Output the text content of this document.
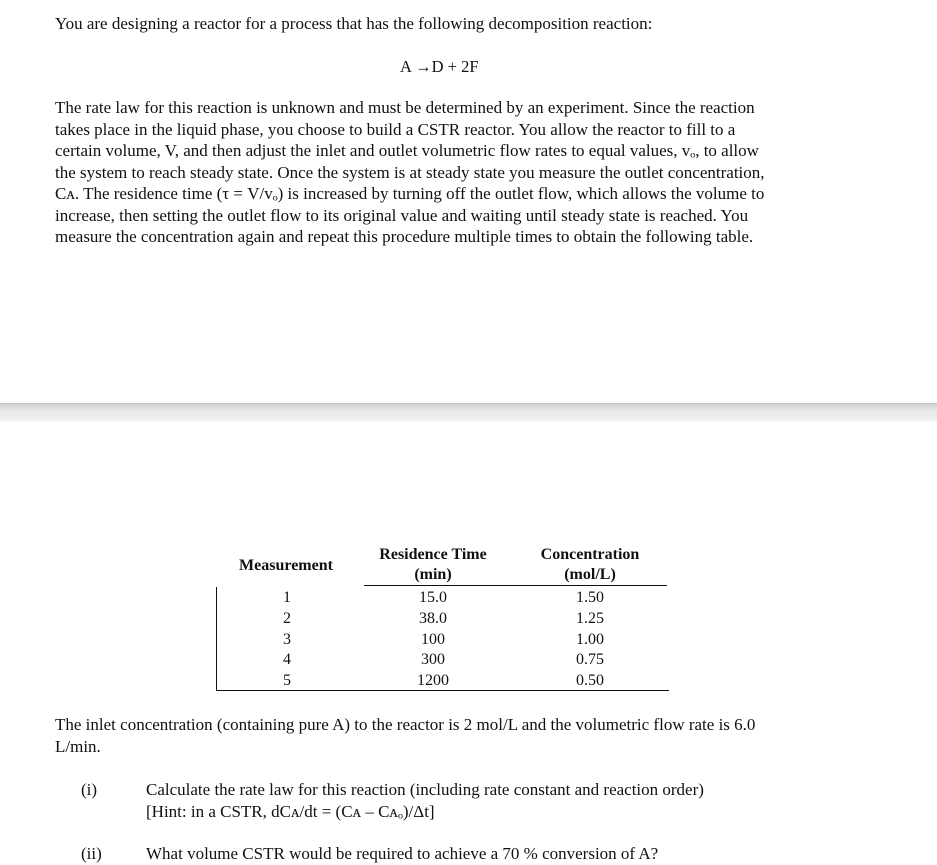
You are designing a reactor for a process that has the following decomposition reaction:
A →D + 2F
The rate law for this reaction is unknown and must be determined by an experiment. Since the reaction
takes place in the liquid phase, you choose to build a CSTR reactor. You allow the reactor to fill to a
certain volume, V, and then adjust the inlet and outlet volumetric flow rates to equal values, vₒ, to allow
the system to reach steady state. Once the system is at steady state you measure the outlet concentration,
Cᴀ. The residence time (τ = V/vₒ) is increased by turning off the outlet flow, which allows the volume to
increase, then setting the outlet flow to its original value and waiting until steady state is reached. You
measure the concentration again and repeat this procedure multiple times to obtain the following table.
Measurement
Residence Time
(min)
Concentration
(mol/L)
1
2
3
4
5
15.0
38.0
100
300
1200
1.50
1.25
1.00
0.75
0.50
The inlet concentration (containing pure A) to the reactor is 2 mol/L and the volumetric flow rate is 6.0
L/min.
(i)	Calculate the rate law for this reaction (including rate constant and reaction order)
[Hint: in a CSTR, dCᴀ/dt = (Cᴀ – Cᴀₒ)/Δt]
(ii)	What volume CSTR would be required to achieve a 70 % conversion of A?
